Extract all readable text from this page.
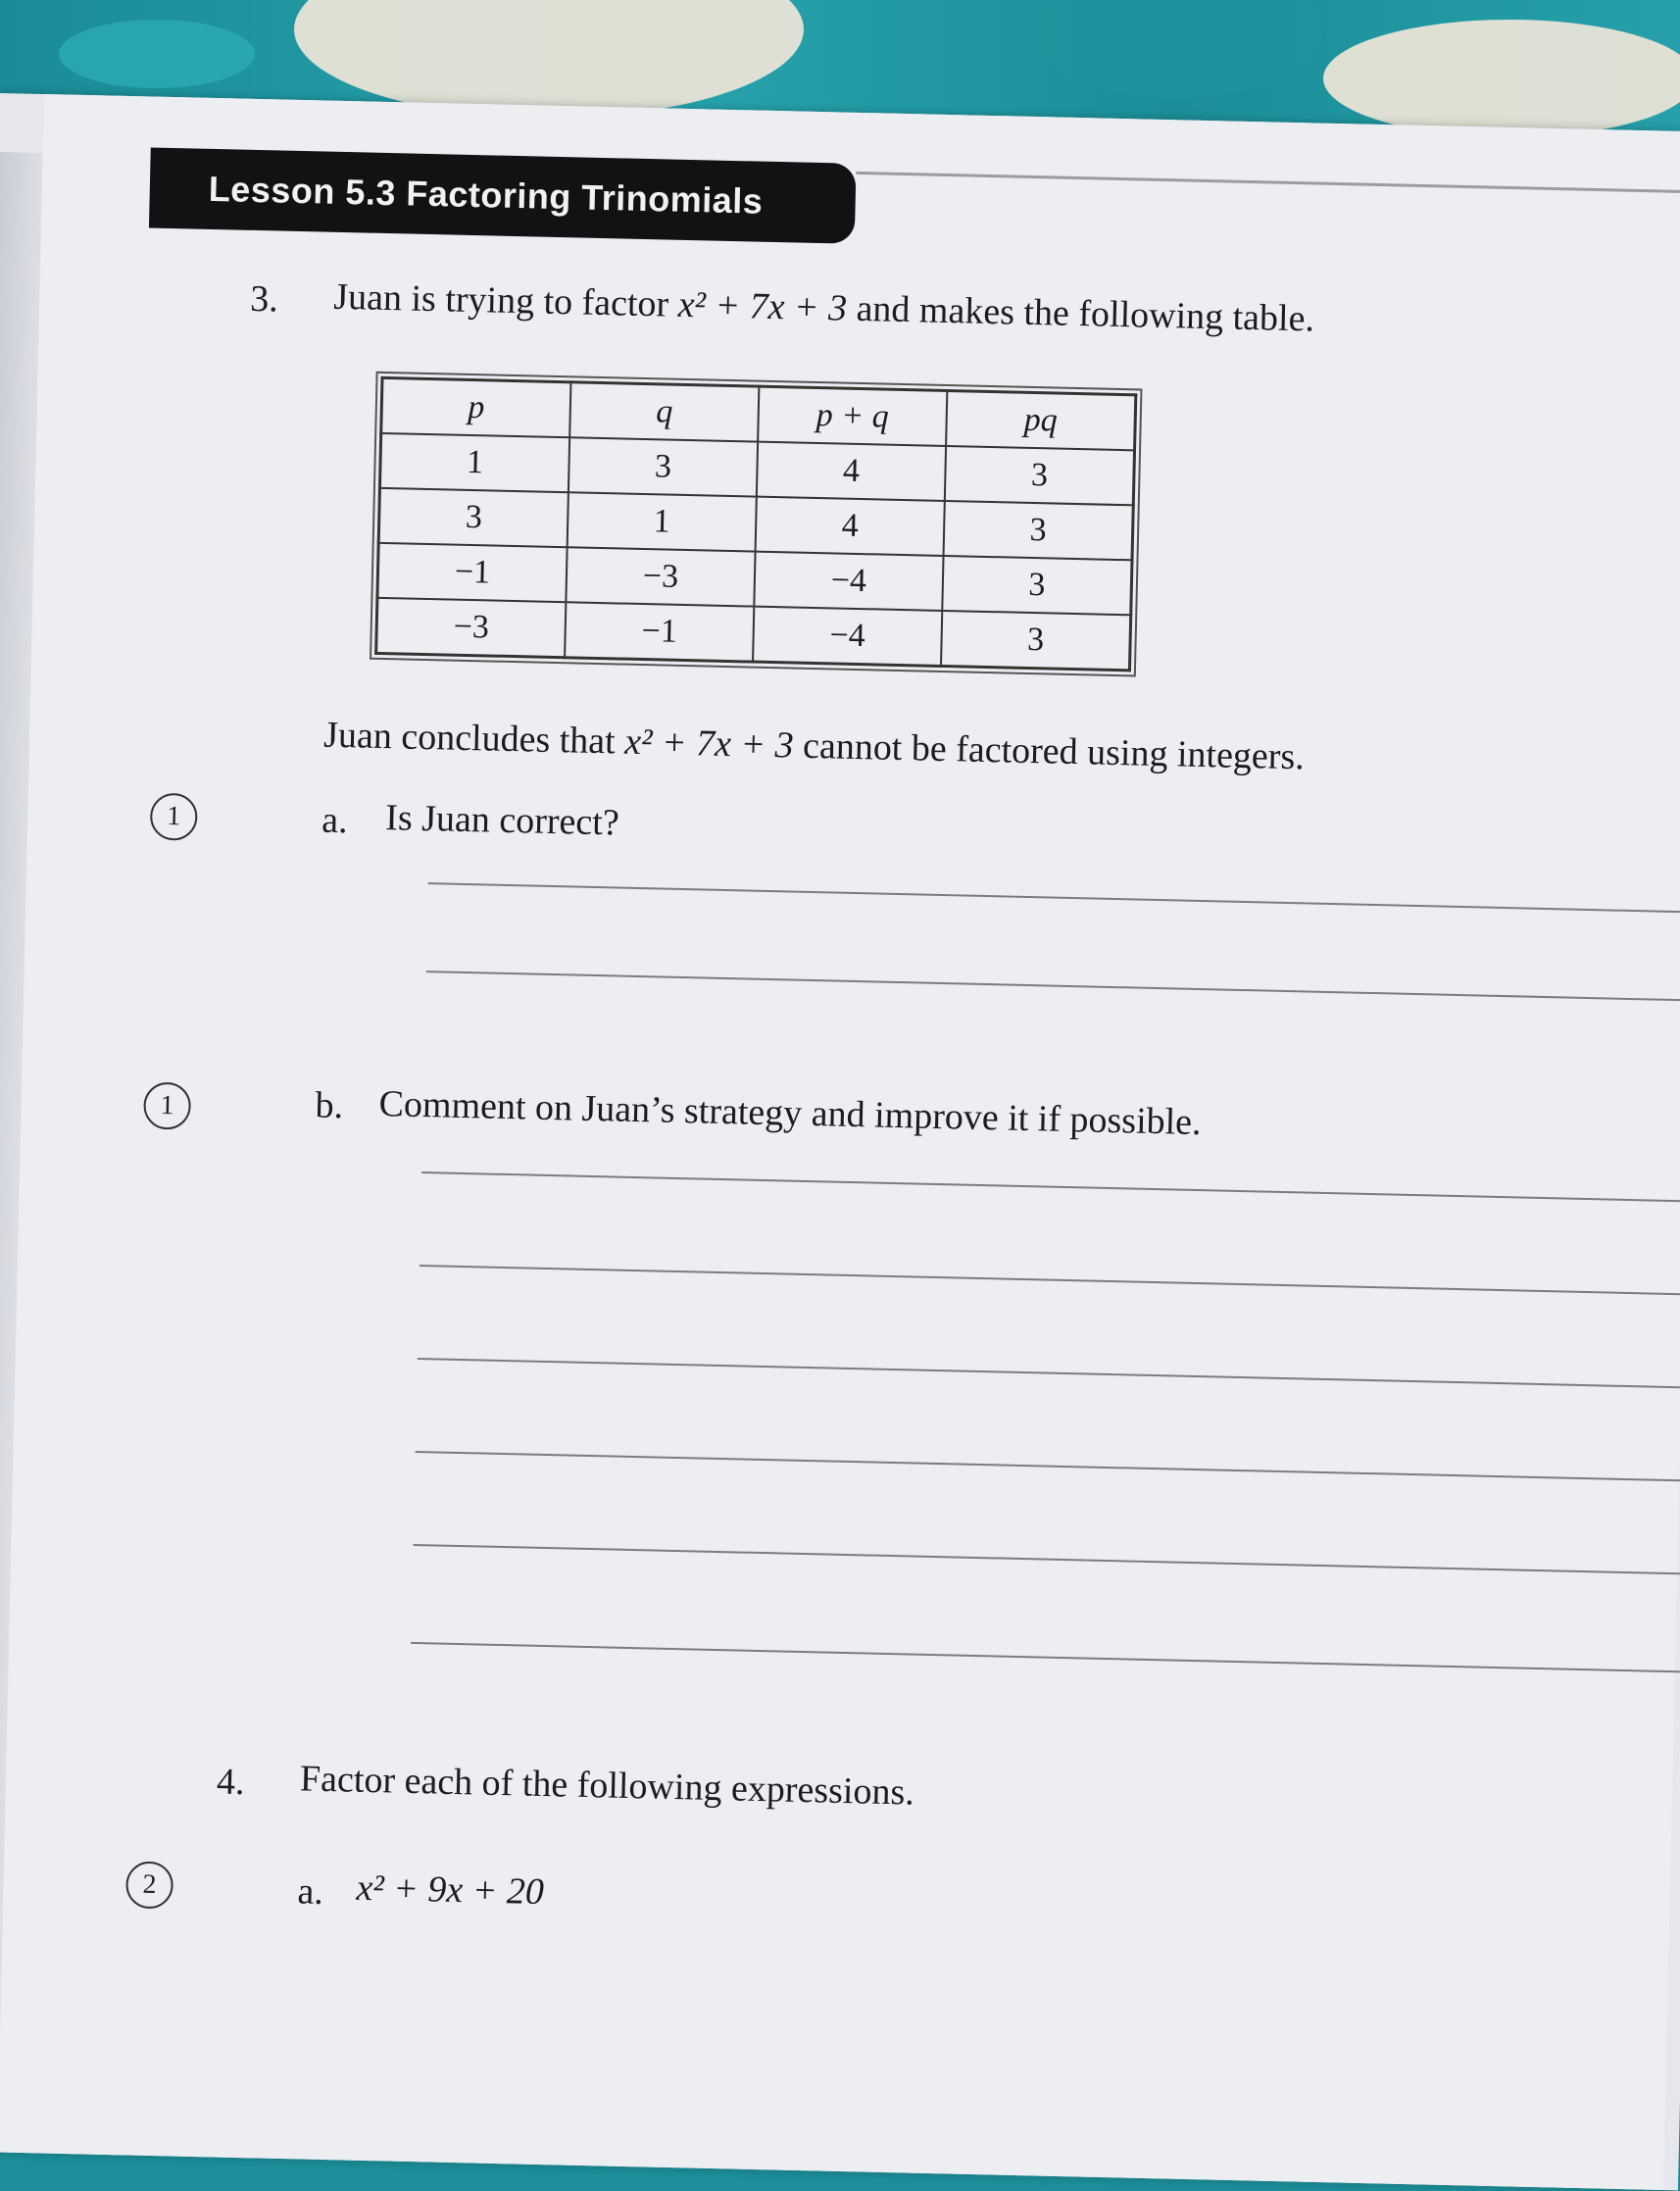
Lesson 5.3 Factoring Trinomials
3. Juan is trying to factor x² + 7x + 3 and makes the following table.
p	q	p + q	pq
1	3	4	3
3	1	4	3
−1	−3	−4	3
−3	−1	−4	3
Juan concludes that x² + 7x + 3 cannot be factored using integers.
1	a. Is Juan correct?
1	b. Comment on Juan’s strategy and improve it if possible.
4. Factor each of the following expressions.
2	a. x² + 9x + 20
